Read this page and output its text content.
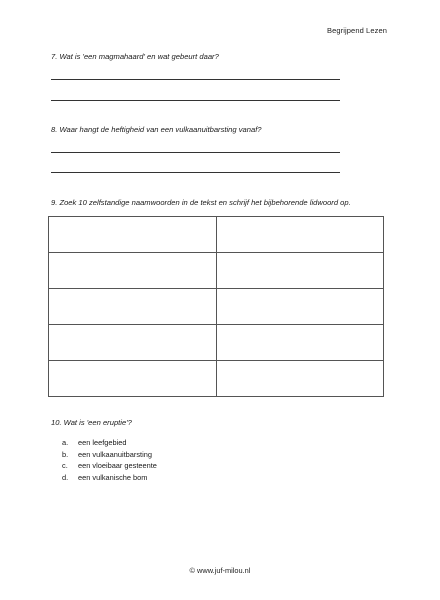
Begrijpend Lezen
7. Wat is 'een magmahaard' en wat gebeurt daar?
8. Waar hangt de heftigheid van een vulkaanuitbarsting vanaf?
9. Zoek 10 zelfstandige naamwoorden in de tekst en schrijf het bijbehorende lidwoord op.

10. Wat is 'een eruptie'?
a. een leefgebied
b. een vulkaanuitbarsting
c. een vloeibaar gesteente
d. een vulkanische bom
© www.juf-milou.nl
